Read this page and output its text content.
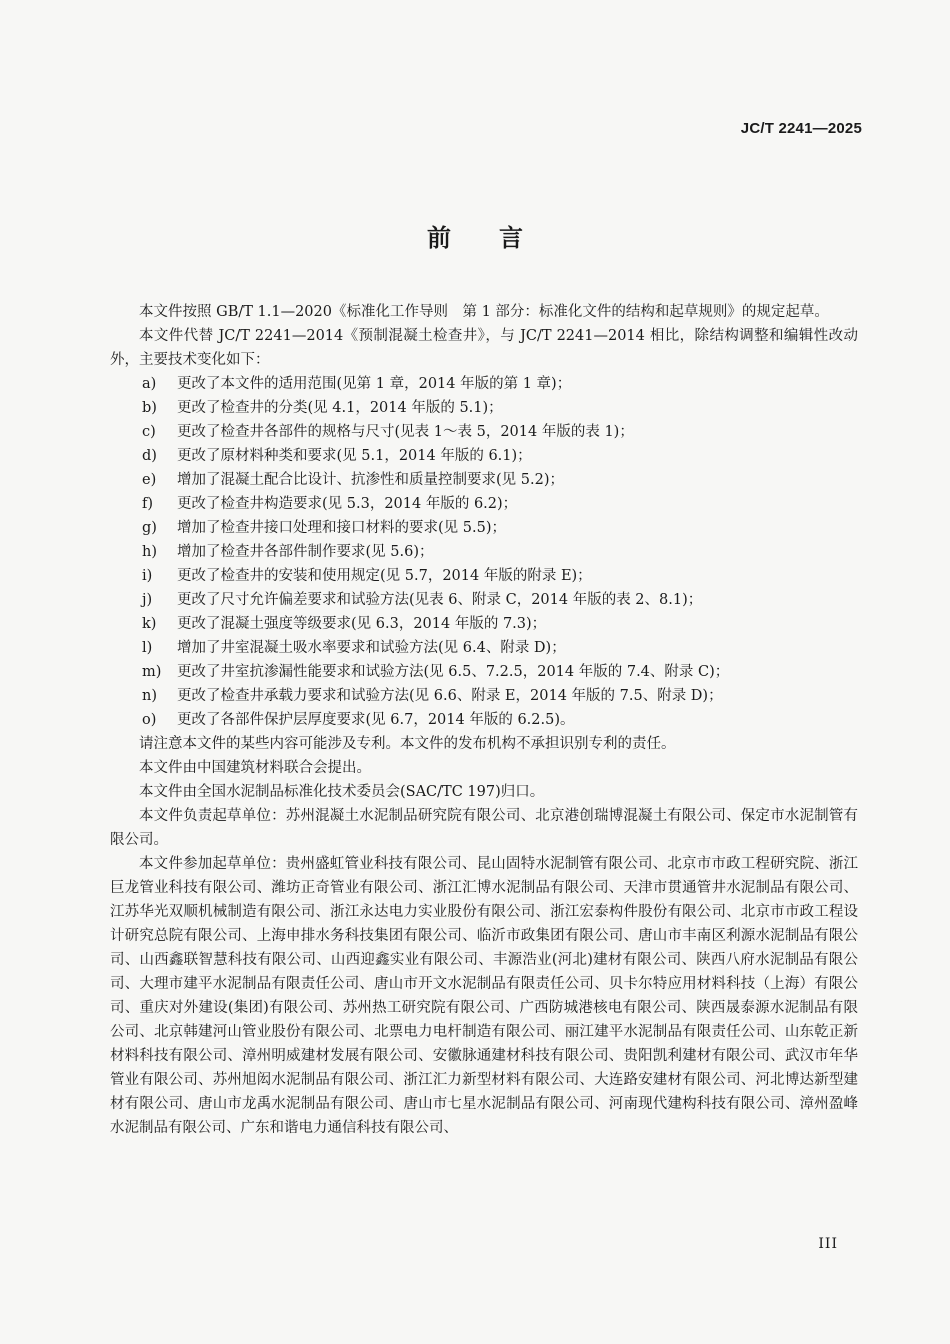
JC/T 2241—2025
前 言

本文件按照 GB/T 1.1—2020《标准化工作导则　第 1 部分：标准化文件的结构和起草规则》的规定起草。

本文件代替 JC/T 2241—2014《预制混凝土检查井》，与 JC/T 2241—2014 相比，除结构调整和编辑性改动外，主要技术变化如下：

a) 更改了本文件的适用范围(见第 1 章，2014 年版的第 1 章)；

b) 更改了检查井的分类(见 4.1，2014 年版的 5.1)；

c) 更改了检查井各部件的规格与尺寸(见表 1～表 5，2014 年版的表 1)；

d) 更改了原材料种类和要求(见 5.1，2014 年版的 6.1)；

e) 增加了混凝土配合比设计、抗渗性和质量控制要求(见 5.2)；

f) 更改了检查井构造要求(见 5.3，2014 年版的 6.2)；

g) 增加了检查井接口处理和接口材料的要求(见 5.5)；

h) 增加了检查井各部件制作要求(见 5.6)；

i) 更改了检查井的安装和使用规定(见 5.7，2014 年版的附录 E)；

j) 更改了尺寸允许偏差要求和试验方法(见表 6、附录 C，2014 年版的表 2、8.1)；

k) 更改了混凝土强度等级要求(见 6.3，2014 年版的 7.3)；

l) 增加了井室混凝土吸水率要求和试验方法(见 6.4、附录 D)；

m) 更改了井室抗渗漏性能要求和试验方法(见 6.5、7.2.5，2014 年版的 7.4、附录 C)；

n) 更改了检查井承载力要求和试验方法(见 6.6、附录 E，2014 年版的 7.5、附录 D)；

o) 更改了各部件保护层厚度要求(见 6.7，2014 年版的 6.2.5)。

请注意本文件的某些内容可能涉及专利。本文件的发布机构不承担识别专利的责任。

本文件由中国建筑材料联合会提出。

本文件由全国水泥制品标准化技术委员会(SAC/TC 197)归口。

本文件负责起草单位：苏州混凝土水泥制品研究院有限公司、北京港创瑞博混凝土有限公司、保定市水泥制管有限公司。

本文件参加起草单位：贵州盛虹管业科技有限公司、昆山固特水泥制管有限公司、北京市市政工程研究院、浙江巨龙管业科技有限公司、潍坊正奇管业有限公司、浙江汇博水泥制品有限公司、天津市贯通管井水泥制品有限公司、江苏华光双顺机械制造有限公司、浙江永达电力实业股份有限公司、浙江宏泰构件股份有限公司、北京市市政工程设计研究总院有限公司、上海申排水务科技集团有限公司、临沂市政集团有限公司、唐山市丰南区利源水泥制品有限公司、山西鑫联智慧科技有限公司、山西迎鑫实业有限公司、丰源浩业(河北)建材有限公司、陕西八府水泥制品有限公司、大理市建平水泥制品有限责任公司、唐山市开文水泥制品有限责任公司、贝卡尔特应用材料科技（上海）有限公司、重庆对外建设(集团)有限公司、苏州热工研究院有限公司、广西防城港核电有限公司、陕西晟泰源水泥制品有限公司、北京韩建河山管业股份有限公司、北票电力电杆制造有限公司、丽江建平水泥制品有限责任公司、山东乾正新材料科技有限公司、漳州明威建材发展有限公司、安徽脉通建材科技有限公司、贵阳凯利建材有限公司、武汉市年华管业有限公司、苏州旭闳水泥制品有限公司、浙江汇力新型材料有限公司、大连路安建材有限公司、河北博达新型建材有限公司、唐山市龙禹水泥制品有限公司、唐山市七星水泥制品有限公司、河南现代建构科技有限公司、漳州盈峰水泥制品有限公司、广东和谐电力通信科技有限公司、

III
